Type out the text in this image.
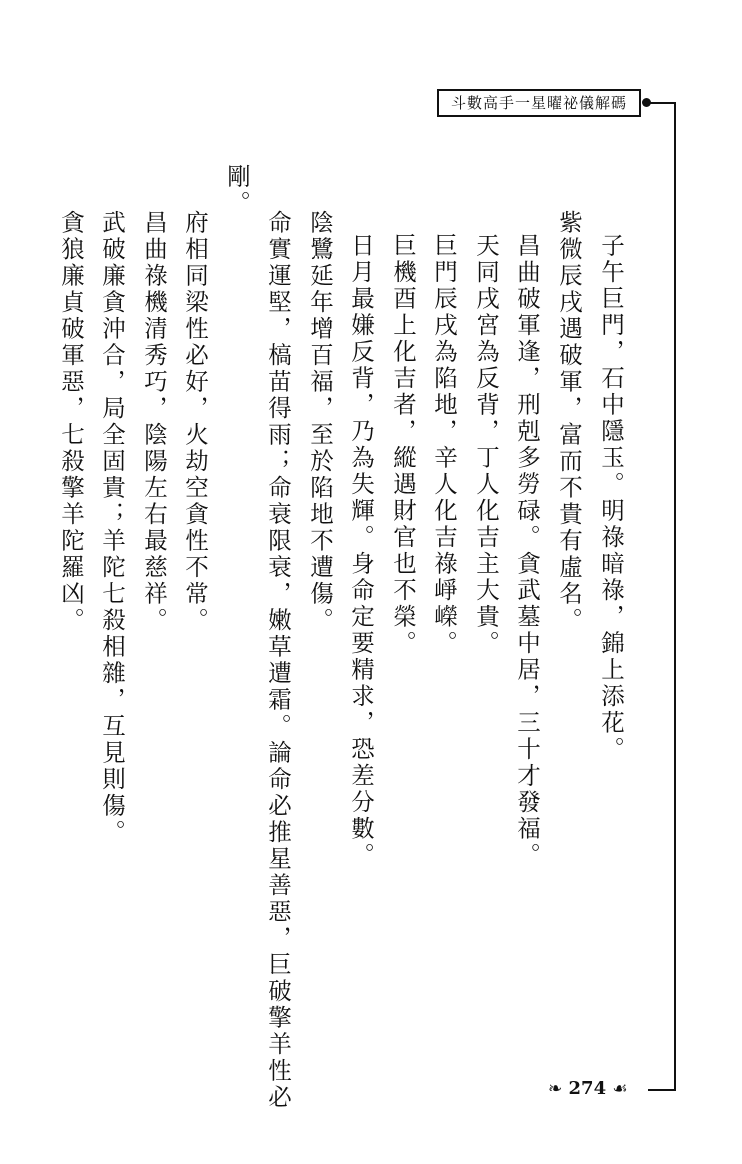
斗數高手一星曜祕儀解碼
子午巨門，石中隱玉。明祿暗祿，錦上添花。
紫微辰戌遇破軍，富而不貴有虛名。
昌曲破軍逢，刑剋多勞碌。貪武墓中居，三十才發福。
天同戌宮為反背，丁人化吉主大貴。
巨門辰戌為陷地，辛人化吉祿崢嶸。
巨機酉上化吉者，縱遇財官也不榮。
日月最嫌反背，乃為失輝。身命定要精求，恐差分數。
陰鷺延年增百福，至於陷地不遭傷。
命實運堅，槁苗得雨；命衰限衰，嫩草遭霜。論命必推星善惡，巨破擎羊性必
剛。
府相同梁性必好，火劫空貪性不常。
昌曲祿機清秀巧，陰陽左右最慈祥。
武破廉貪沖合，局全固貴；羊陀七殺相雜，互見則傷。
貪狼廉貞破軍惡，七殺擎羊陀羅凶。
❧ 274 ☙
